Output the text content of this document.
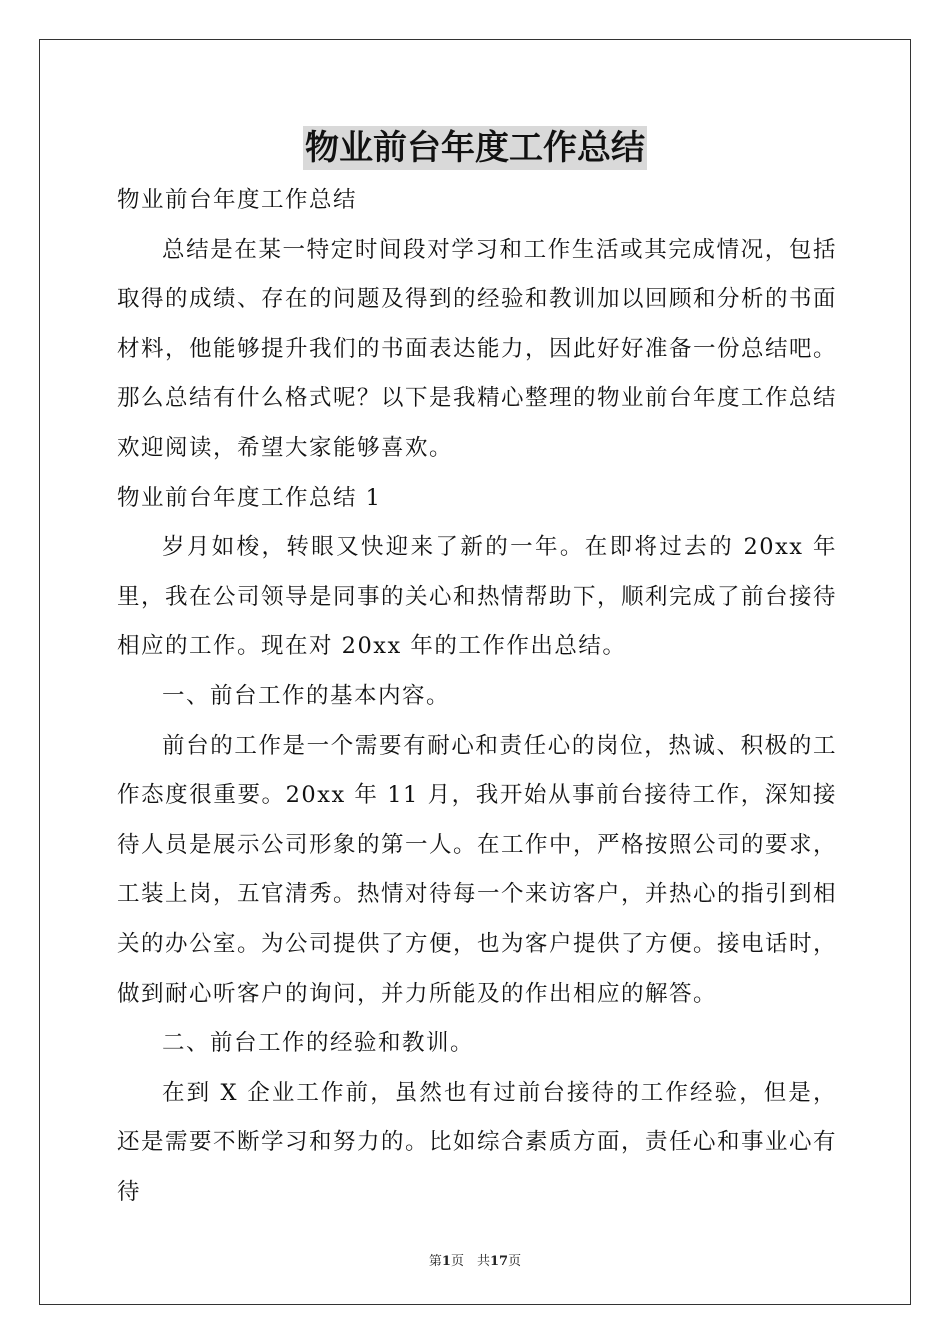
物业前台年度工作总结

物业前台年度工作总结

总结是在某一特定时间段对学习和工作生活或其完成情况，包括取得的成绩、存在的问题及得到的经验和教训加以回顾和分析的书面材料，他能够提升我们的书面表达能力，因此好好准备一份总结吧。那么总结有什么格式呢？以下是我精心整理的物业前台年度工作总结欢迎阅读，希望大家能够喜欢。

物业前台年度工作总结 1

岁月如梭，转眼又快迎来了新的一年。在即将过去的 20xx 年里，我在公司领导是同事的关心和热情帮助下，顺利完成了前台接待相应的工作。现在对 20xx 年的工作作出总结。

一、前台工作的基本内容。

前台的工作是一个需要有耐心和责任心的岗位，热诚、积极的工作态度很重要。20xx 年 11 月，我开始从事前台接待工作，深知接待人员是展示公司形象的第一人。在工作中，严格按照公司的要求，工装上岗，五官清秀。热情对待每一个来访客户，并热心的指引到相关的办公室。为公司提供了方便，也为客户提供了方便。接电话时，做到耐心听客户的询问，并力所能及的作出相应的解答。

二、前台工作的经验和教训。

在到 X 企业工作前，虽然也有过前台接待的工作经验，但是，还是需要不断学习和努力的。比如综合素质方面，责任心和事业心有待

第1页　共17页
